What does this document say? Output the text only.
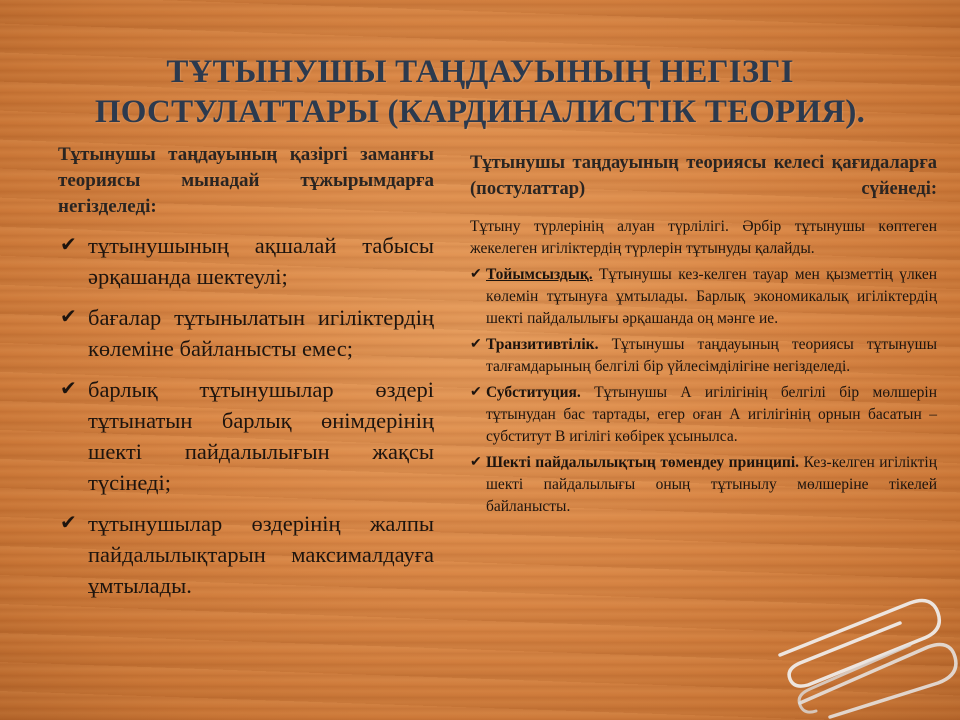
ТҰТЫНУШЫ ТАҢДАУЫНЫҢ НЕГІЗГІ ПОСТУЛАТТАРЫ (КАРДИНАЛИСТІК ТЕОРИЯ).
Тұтынушы таңдауының қазіргі заманғы теориясы мынадай тұжырымдарға негізделеді:
✔ тұтынушының ақшалай табысы әрқашанда шектеулі;
✔ бағалар тұтынылатын игіліктердің көлеміне байланысты емес;
✔ барлық тұтынушылар өздері тұтынатын барлық өнімдерінің шекті пайдалылығын жақсы түсінеді;
✔ тұтынушылар өздерінің жалпы пайдалылықтарын максималдауға ұмтылады.
Тұтынушы таңдауының теориясы келесі қағидаларға (постулаттар) сүйенеді:

Тұтыну түрлерінің алуан түрлілігі. Әрбір тұтынушы көптеген жекелеген игіліктердің түрлерін тұтынуды қалайды.

✔ Тойымсыздық. Тұтынушы кез-келген тауар мен қызметтің үлкен көлемін тұтынуға ұмтылады. Барлық экономикалық игіліктердің шекті пайдалылығы әрқашанда оң мәнге ие.
✔ Транзитивтілік. Тұтынушы таңдауының теориясы тұтынушы талғамдарының белгілі бір үйлесімділігіне негізделеді.
✔ Субституция. Тұтынушы А игілігінің белгілі бір мөлшерін тұтынудан бас тартады, егер оған А игілігінің орнын басатын – субститут В игілігі көбірек ұсынылса.
✔ Шекті пайдалылықтың төмендеу принципі. Кез-келген игіліктің шекті пайдалылығы оның тұтынылу мөлшеріне тікелей байланысты.
